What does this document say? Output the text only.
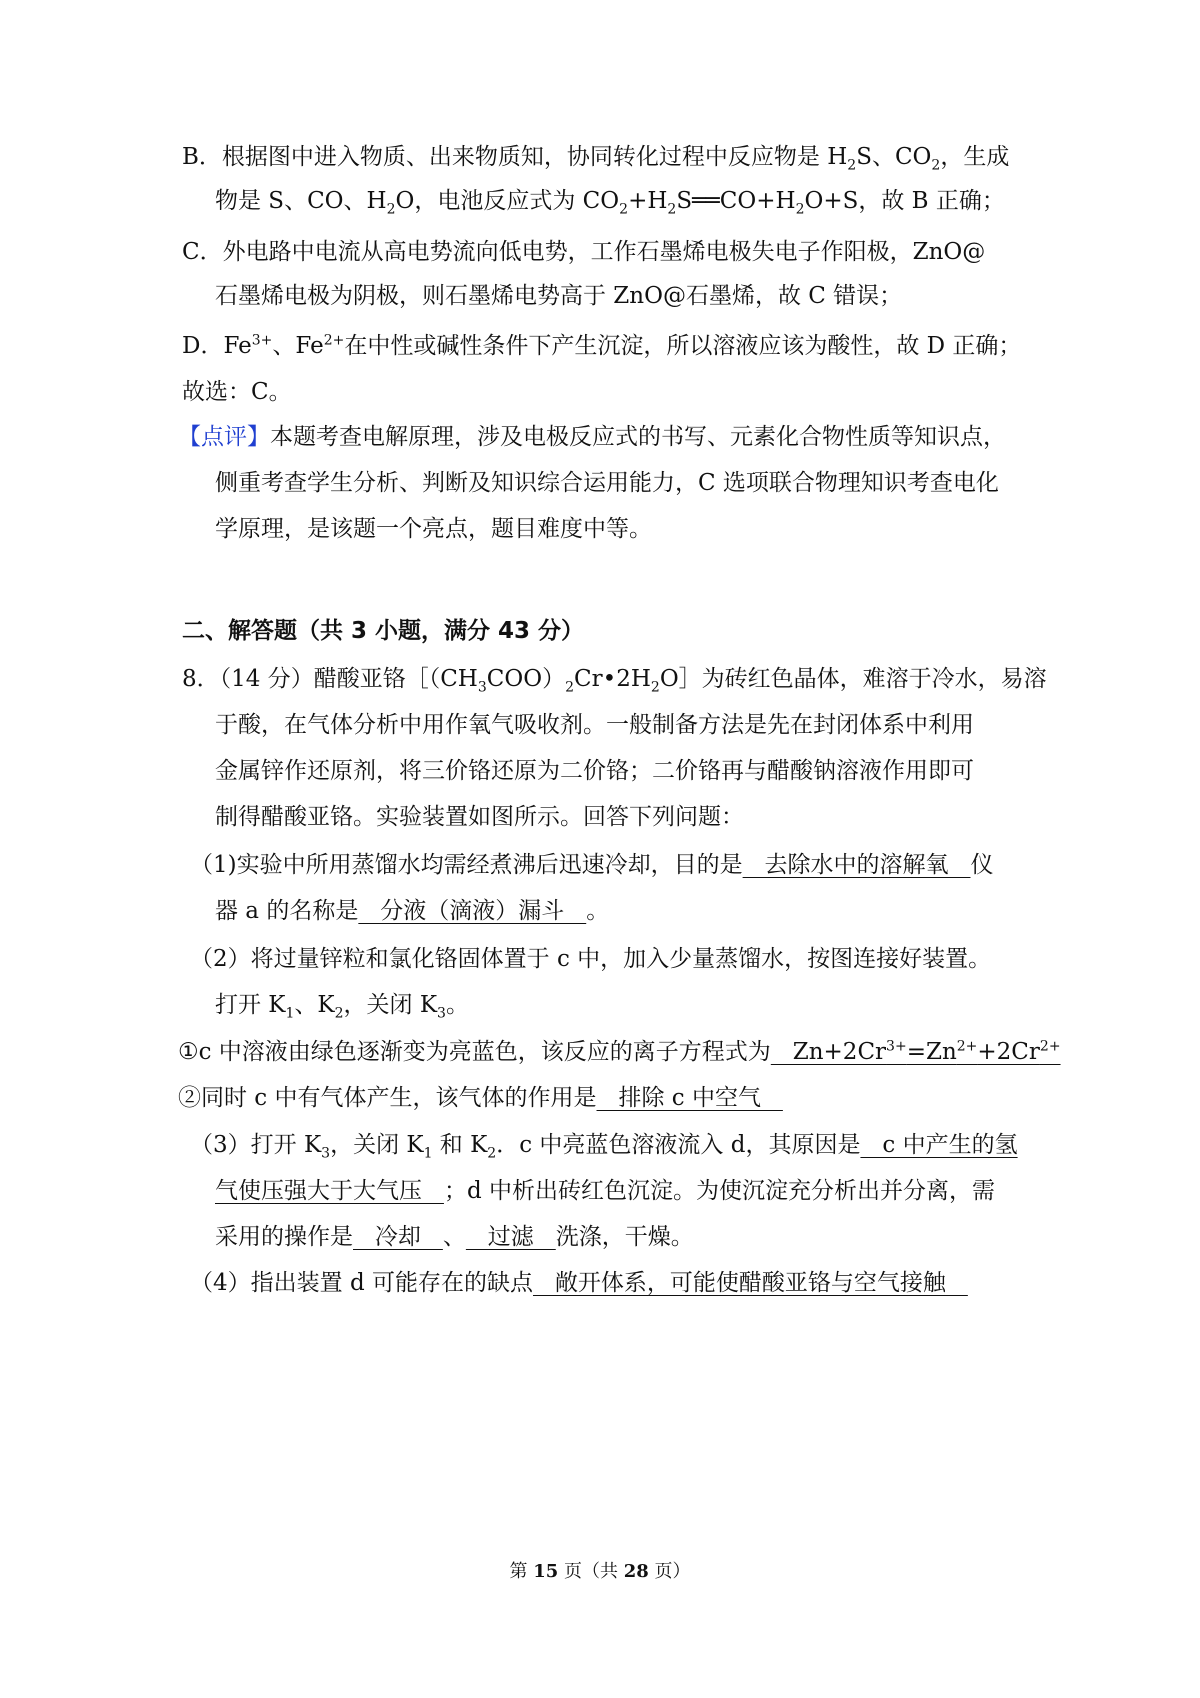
B．根据图中进入物质、出来物质知，协同转化过程中反应物是 $H_2S$、$CO_2$，生成
物是 S、CO、$H_2O$，电池反应式为 $CO_2+H_2S══CO+H_2O+S$，故 B 正确；
C．外电路中电流从高电势流向低电势，工作石墨烯电极失电子作阳极，ZnO@
石墨烯电极为阴极，则石墨烯电势高于 ZnO@石墨烯，故 C 错误；
D．$Fe^{3+}$、$Fe^{2+}$在中性或碱性条件下产生沉淀，所以溶液应该为酸性，故 D 正确；
故选：C。
【点评】本题考查电解原理，涉及电极反应式的书写、元素化合物性质等知识点，
侧重考查学生分析、判断及知识综合运用能力，C 选项联合物理知识考查电化
学原理，是该题一个亮点，题目难度中等。
二、解答题（共 3 小题，满分 43 分）
8．（14 分）醋酸亚铬$[(CH_3COO)_2Cr•2H_2O]$为砖红色晶体，难溶于冷水，易溶
于酸，在气体分析中用作氧气吸收剂。一般制备方法是先在封闭体系中利用
金属锌作还原剂，将三价铬还原为二价铬；二价铬再与醋酸钠溶液作用即可
制得醋酸亚铬。实验装置如图所示。回答下列问题：
（1)实验中所用蒸馏水均需经煮沸后迅速冷却，目的是   去除水中的溶解氧   仪
器 a 的名称是   分液（滴液）漏斗   。
（2）将过量锌粒和氯化铬固体置于 c 中，加入少量蒸馏水，按图连接好装置。
打开 $K_1$、$K_2$，关闭 $K_3$。
①c 中溶液由绿色逐渐变为亮蓝色，该反应的离子方程式为   $Zn+2Cr^{3+}=Zn^{2+}+2Cr^{2+}$
②同时 c 中有气体产生，该气体的作用是   排除 c 中空气
（3）打开 $K_3$，关闭 $K_1$ 和 $K_2$．c 中亮蓝色溶液流入 d，其原因是   c 中产生的氢
气使压强大于大气压   ；d 中析出砖红色沉淀。为使沉淀充分析出并分离，需
采用的操作是   冷却   、   过滤   洗涤，干燥。
（4）指出装置 d 可能存在的缺点   敞开体系，可能使醋酸亚铬与空气接触
第 15 页（共 28 页）
